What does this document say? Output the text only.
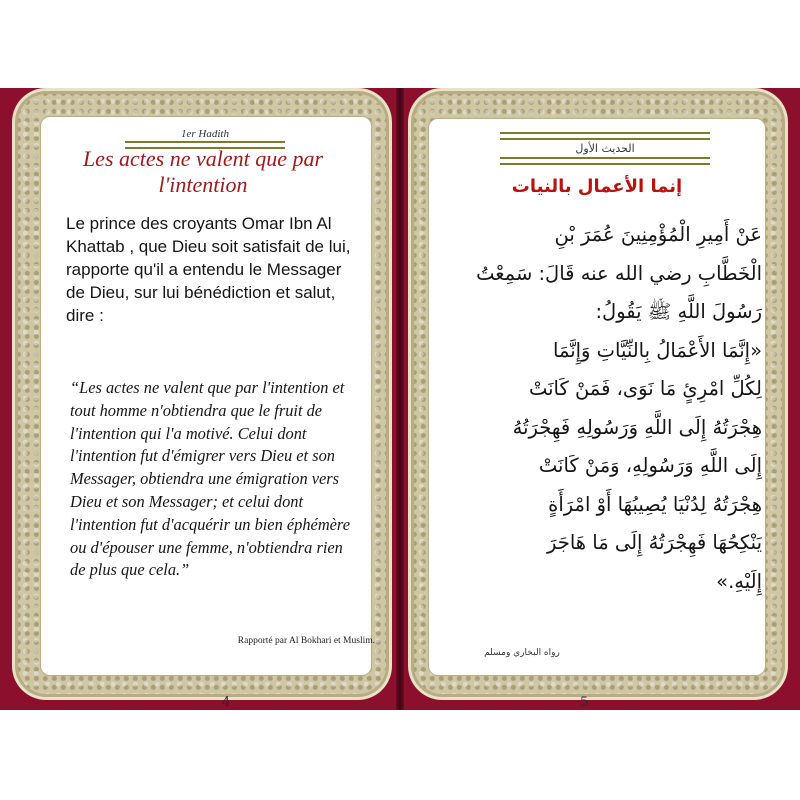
1er Hadith
Les actes ne valent que par l'intention
Le prince des croyants Omar Ibn Al Khattab , que Dieu soit satisfait de lui, rapporte qu'il a entendu le Messager de Dieu, sur lui bénédiction et salut, dire :
“Les actes ne valent que par l'intention et tout homme n'obtiendra que le fruit de l'intention qui l'a motivé. Celui dont l'intention fut d'émigrer vers Dieu et son Messager, obtiendra une émigration vers Dieu et son Messager; et celui dont l'intention fut d'acquérir un bien éphémère ou d'épouser une femme, n'obtiendra rien de plus que cela.”
Rapporté par Al Bokhari et Muslim.
4
الحديث الأول
إنما الأعمال بالنيات
عَنْ أَمِيرِ الْمُؤْمِنِينَ عُمَرَ بْنِ
الْخَطَّابِ رضي الله عنه قَالَ: سَمِعْتُ
رَسُولَ اللَّهِ ﷺ يَقُولُ:
«إِنَّمَا الأَعْمَالُ بِالنِّيَّاتِ وَإِنَّمَا
لِكُلِّ امْرِئٍ مَا نَوَى، فَمَنْ كَانَتْ
هِجْرَتُهُ إِلَى اللَّهِ وَرَسُولِهِ فَهِجْرَتُهُ
إِلَى اللَّهِ وَرَسُولِهِ، وَمَنْ كَانَتْ
هِجْرَتُهُ لِدُنْيَا يُصِيبُهَا أَوْ امْرَأَةٍ
يَنْكِحُهَا فَهِجْرَتُهُ إِلَى مَا هَاجَرَ
إِلَيْهِ.»
رواه البخاري ومسلم
5
